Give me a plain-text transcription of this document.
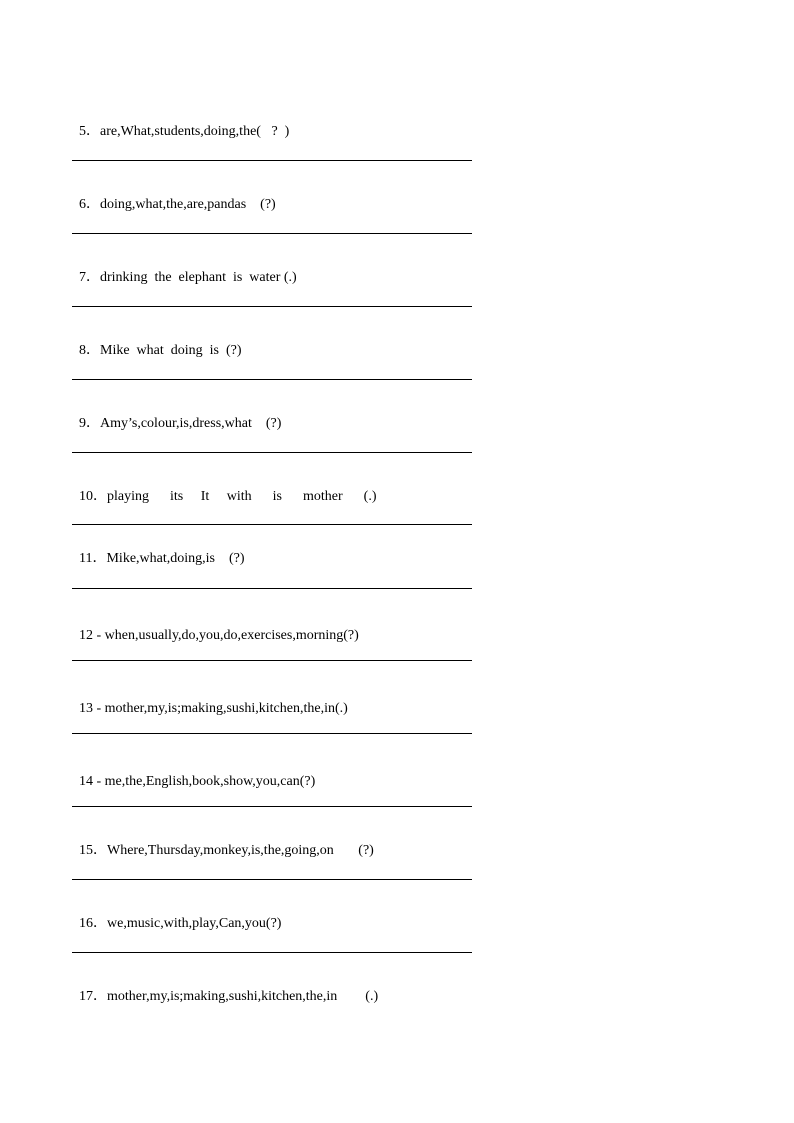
5．are,What,students,doing,the(   ?  )

6．doing,what,the,are,pandas    (?)

7．drinking  the  elephant  is  water (.)

8．Mike  what  doing  is  (?)

9．Amy’s,colour,is,dress,what    (?)

10．playing      its     It     with      is      mother      (.)

11．Mike,what,doing,is    (?)

12 - when,usually,do,you,do,exercises,morning(?)

13 - mother,my,is;making,sushi,kitchen,the,in(.)

14 - me,the,English,book,show,you,can(?)

15．Where,Thursday,monkey,is,the,going,on       (?)

16．we,music,with,play,Can,you(?)

17．mother,my,is;making,sushi,kitchen,the,in        (.)
